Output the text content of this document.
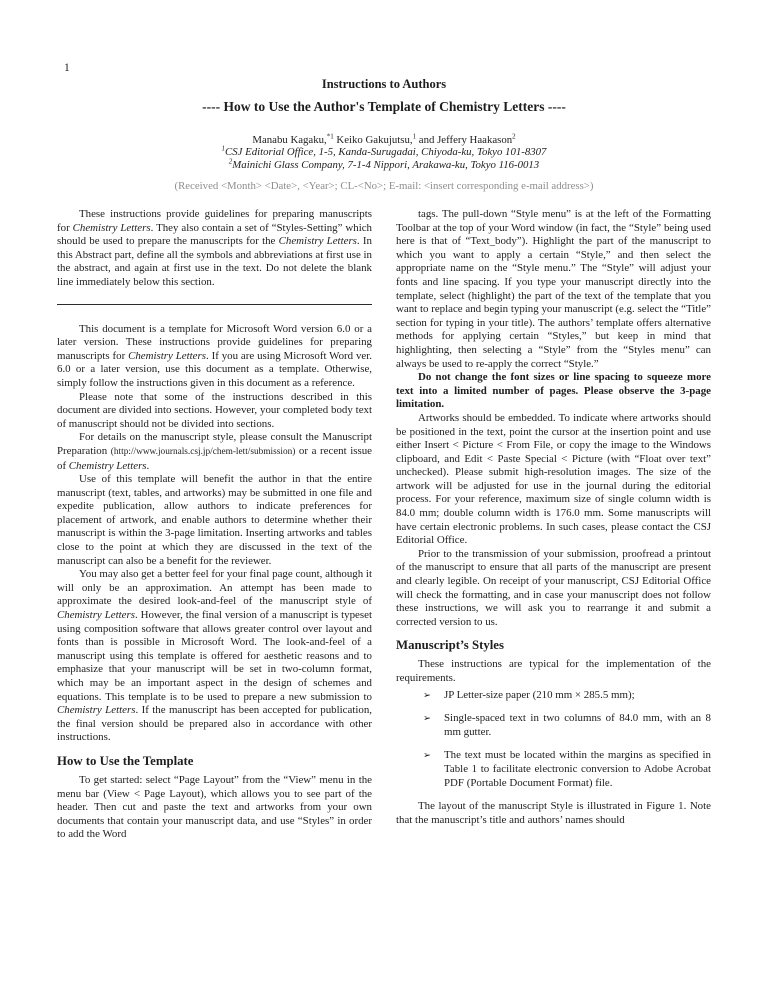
1
Instructions to Authors
---- How to Use the Author's Template of Chemistry Letters ----
Manabu Kagaku,$^{*1}$ Keiko Gakujutsu,$^1$ and Jeffery Haakason$^2$
$^1$CSJ Editorial Office, 1-5, Kanda-Surugadai, Chiyoda-ku, Tokyo 101-8307
$^2$Mainichi Glass Company, 7-1-4 Nippori, Arakawa-ku, Tokyo 116-0013
(Received <Month> <Date>, <Year>; CL-<No>; E-mail: <insert corresponding e-mail address>)

These instructions provide guidelines for preparing manuscripts for Chemistry Letters. They also contain a set of “Styles-Setting” which should be used to prepare the manuscripts for the Chemistry Letters. In this Abstract part, define all the symbols and abbreviations at first use in the abstract, and again at first use in the text. Do not delete the blank line immediately below this section.

This document is a template for Microsoft Word version 6.0 or a later version. These instructions provide guidelines for preparing manuscripts for Chemistry Letters. If you are using Microsoft Word ver. 6.0 or a later version, use this document as a template. Otherwise, simply follow the instructions given in this document as a reference.

Please note that some of the instructions described in this document are divided into sections. However, your completed body text of manuscript should not be divided into sections.

For details on the manuscript style, please consult the Manuscript Preparation (http://www.journals.csj.jp/chem-lett/submission) or a recent issue of Chemistry Letters.

Use of this template will benefit the author in that the entire manuscript (text, tables, and artworks) may be submitted in one file and expedite publication, allow authors to indicate preferences for placement of artwork, and enable authors to determine whether their manuscript is within the 3-page limitation. Inserting artworks and tables close to the point at which they are discussed in the text of the manuscript can also be a benefit for the reviewer.

You may also get a better feel for your final page count, although it will only be an approximation. An attempt has been made to approximate the desired look-and-feel of the manuscript style of Chemistry Letters. However, the final version of a manuscript is typeset using composition software that allows greater control over layout and fonts than is possible in Microsoft Word. The look-and-feel of a manuscript using this template is offered for aesthetic reasons and to emphasize that your manuscript will be set in two-column format, which may be an important aspect in the design of schemes and equations. This template is to be used to prepare a new submission to Chemistry Letters. If the manuscript has been accepted for publication, the final version should be prepared also in accordance with other instructions.

How to Use the Template

To get started: select “Page Layout” from the “View” menu in the menu bar (View < Page Layout), which allows you to see part of the header. Then cut and paste the text and artworks from your own documents that contain your manuscript data, and use “Styles” in order to add the Word

tags. The pull-down “Style menu” is at the left of the Formatting Toolbar at the top of your Word window (in fact, the “Style” being used here is that of “Text_body”). Highlight the part of the manuscript to which you want to apply a certain “Style,” and then select the appropriate name on the “Style menu.” The “Style” will adjust your fonts and line spacing. If you type your manuscript directly into the template, select (highlight) the part of the text of the template that you want to replace and begin typing your manuscript (e.g. select the “Title” section for typing in your title). The authors’ template offers alternative methods for applying certain “Styles,” but keep in mind that highlighting, then selecting a “Style” from the “Styles menu” can always be used to re-apply the correct “Style.”

Do not change the font sizes or line spacing to squeeze more text into a limited number of pages. Please observe the 3-page limitation.

Artworks should be embedded. To indicate where artworks should be positioned in the text, point the cursor at the insertion point and use either Insert < Picture < From File, or copy the image to the Windows clipboard, and Edit < Paste Special < Picture (with “Float over text” unchecked). Please submit high-resolution images. The size of the artwork will be adjusted for use in the journal during the editorial process. For your reference, maximum size of single column width is 84.0 mm; double column width is 176.0 mm. Some manuscripts will have certain electronic problems. In such cases, please contact the CSJ Editorial Office.

Prior to the transmission of your submission, proofread a printout of the manuscript to ensure that all parts of the manuscript are present and clearly legible. On receipt of your manuscript, CSJ Editorial Office will check the formatting, and in case your manuscript does not follow these instructions, we will ask you to rearrange it and submit a corrected version to us.

Manuscript’s Styles

These instructions are typical for the implementation of the requirements.

➢	JP Letter-size paper (210 mm × 285.5 mm);
➢	Single-spaced text in two columns of 84.0 mm, with an 8 mm gutter.
➢	The text must be located within the margins as specified in Table 1 to facilitate electronic conversion to Adobe Acrobat PDF (Portable Document Format) file.

The layout of the manuscript Style is illustrated in Figure 1. Note that the manuscript’s title and authors’ names should
